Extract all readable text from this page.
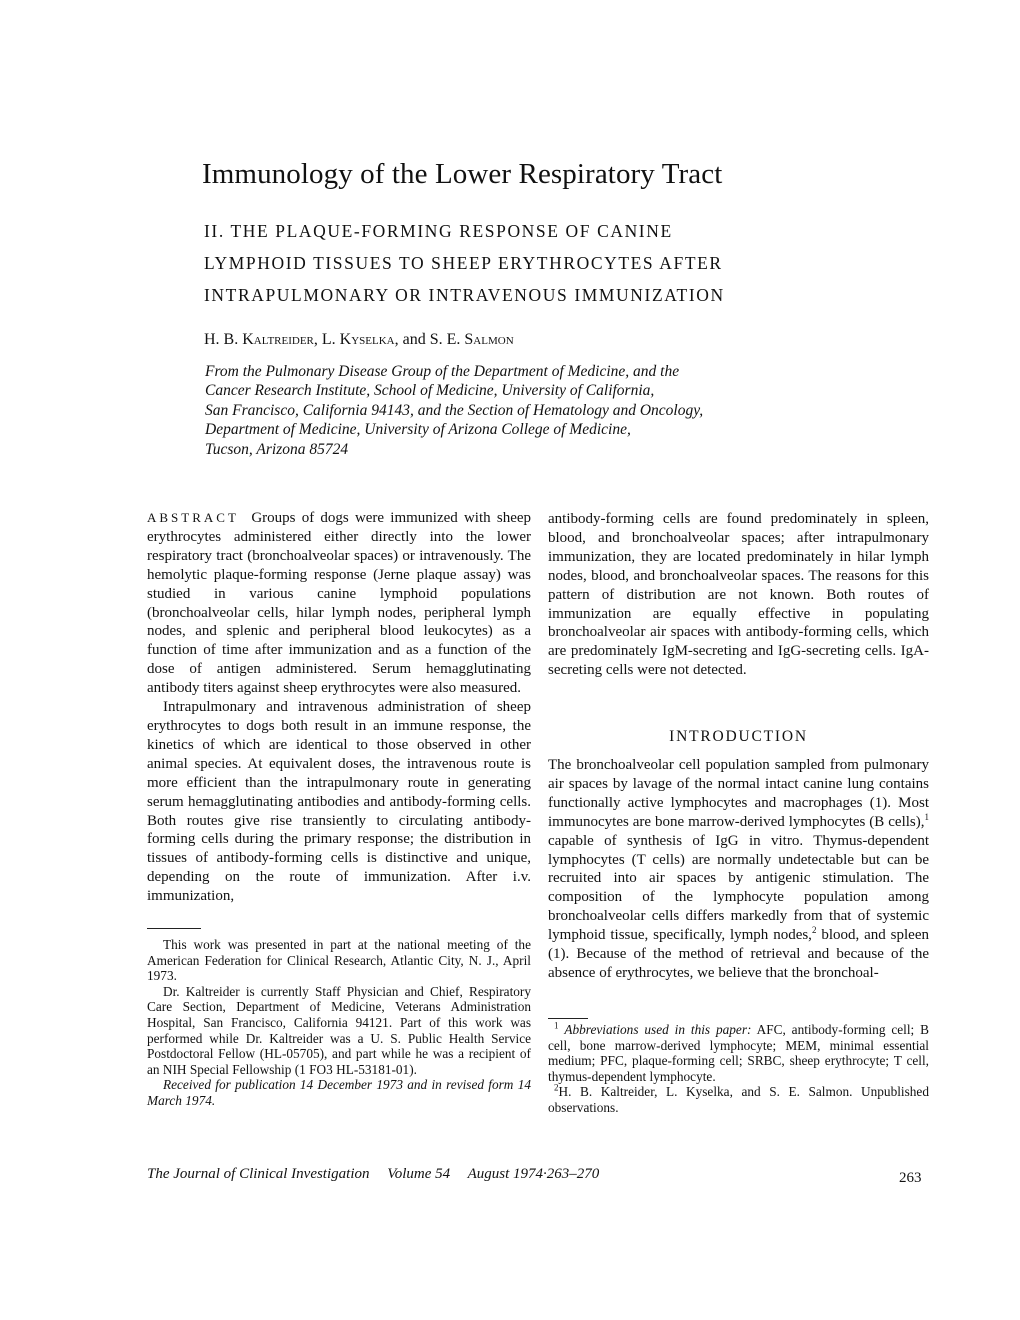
Immunology of the Lower Respiratory Tract
II. THE PLAQUE-FORMING RESPONSE OF CANINE
LYMPHOID TISSUES TO SHEEP ERYTHROCYTES AFTER
INTRAPULMONARY OR INTRAVENOUS IMMUNIZATION
H. B. Kaltreider, L. Kyselka, and S. E. Salmon
From the Pulmonary Disease Group of the Department of Medicine, and the
Cancer Research Institute, School of Medicine, University of California,
San Francisco, California 94143, and the Section of Hematology and Oncology,
Department of Medicine, University of Arizona College of Medicine,
Tucson, Arizona 85724

ABSTRACT Groups of dogs were immunized with sheep erythrocytes administered either directly into the lower respiratory tract (bronchoalveolar spaces) or intravenously. The hemolytic plaque-forming response (Jerne plaque assay) was studied in various canine lymphoid populations (bronchoalveolar cells, hilar lymph nodes, peripheral lymph nodes, and splenic and peripheral blood leukocytes) as a function of time after immunization and as a function of the dose of antigen administered. Serum hemagglutinating antibody titers against sheep erythrocytes were also measured.

Intrapulmonary and intravenous administration of sheep erythrocytes to dogs both result in an immune response, the kinetics of which are identical to those observed in other animal species. At equivalent doses, the intravenous route is more efficient than the intrapulmonary route in generating serum hemagglutinating antibodies and antibody-forming cells. Both routes give rise transiently to circulating antibody-forming cells during the primary response; the distribution in tissues of antibody-forming cells is distinctive and unique, depending on the route of immunization. After i.v. immunization,

This work was presented in part at the national meeting of the American Federation for Clinical Research, Atlantic City, N. J., April 1973.

Dr. Kaltreider is currently Staff Physician and Chief, Respiratory Care Section, Department of Medicine, Veterans Administration Hospital, San Francisco, California 94121. Part of this work was performed while Dr. Kaltreider was a U. S. Public Health Service Postdoctoral Fellow (HL-05705), and part while he was a recipient of an NIH Special Fellowship (1 FO3 HL-53181-01).

Received for publication 14 December 1973 and in revised form 14 March 1974.

antibody-forming cells are found predominately in spleen, blood, and bronchoalveolar spaces; after intrapulmonary immunization, they are located predominately in hilar lymph nodes, blood, and bronchoalveolar spaces. The reasons for this pattern of distribution are not known. Both routes of immunization are equally effective in populating bronchoalveolar air spaces with antibody-forming cells, which are predominately IgM-secreting and IgG-secreting cells. IgA-secreting cells were not detected.

INTRODUCTION

The bronchoalveolar cell population sampled from pulmonary air spaces by lavage of the normal intact canine lung contains functionally active lymphocytes and macrophages (1). Most immunocytes are bone marrow-derived lymphocytes (B cells),$^1$ capable of synthesis of IgG in vitro. Thymus-dependent lymphocytes (T cells) are normally undetectable but can be recruited into air spaces by antigenic stimulation. The composition of the lymphocyte population among bronchoalveolar cells differs markedly from that of systemic lymphoid tissue, specifically, lymph nodes,$^2$ blood, and spleen (1). Because of the method of retrieval and because of the absence of erythrocytes, we believe that the bronchoal-

$^1$ Abbreviations used in this paper: AFC, antibody-forming cell; B cell, bone marrow-derived lymphocyte; MEM, minimal essential medium; PFC, plaque-forming cell; SRBC, sheep erythrocyte; T cell, thymus-dependent lymphocyte.

$^2$H. B. Kaltreider, L. Kyselka, and S. E. Salmon. Unpublished observations.

The Journal of Clinical Investigation Volume 54 August 1974·263–270	263
